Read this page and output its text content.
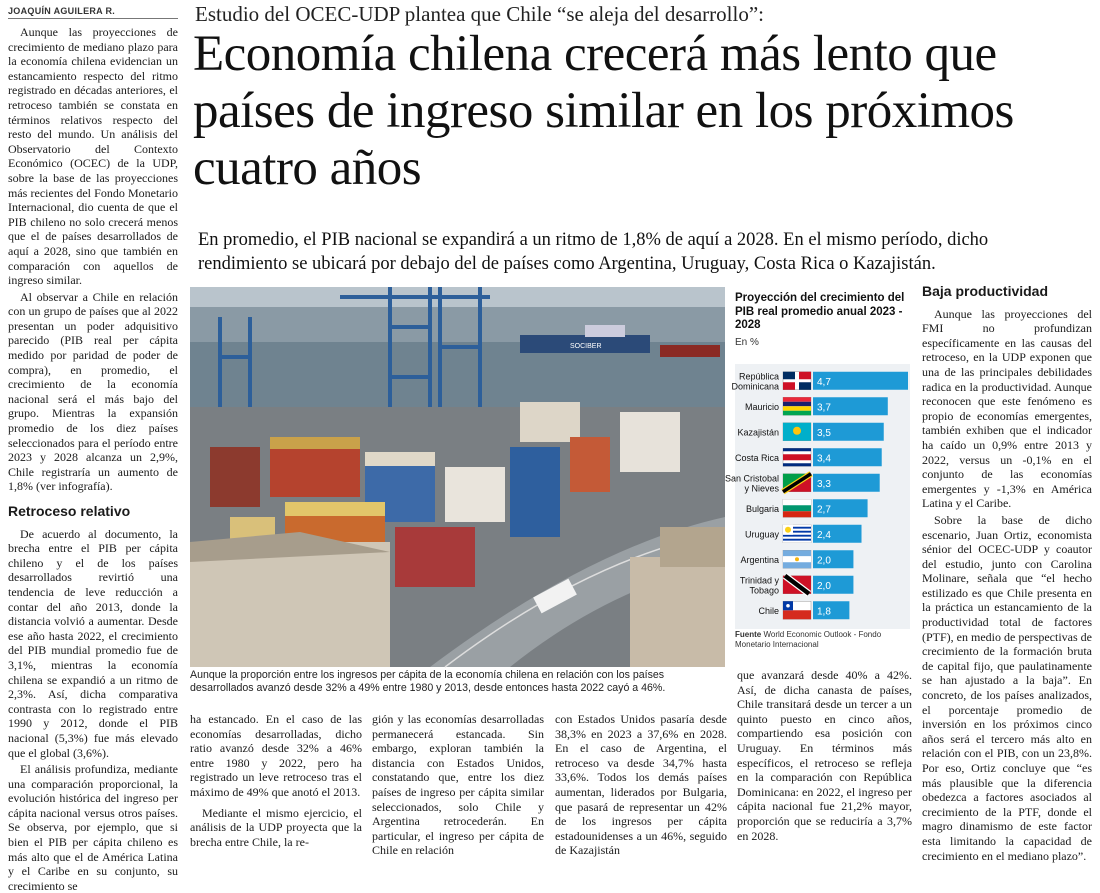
JOAQUÍN AGUILERA R.	Estudio del OCEC-UDP plantea que Chile “se aleja del desarrollo”:
Economía chilena crecerá más lento que países de ingreso similar en los próximos cuatro años
En promedio, el PIB nacional se expandirá a un ritmo de 1,8% de aquí a 2028. En el mismo período, dicho rendimiento se ubicará por debajo del de países como Argentina, Uruguay, Costa Rica o Kazajistán.

Aunque las proyecciones de crecimiento de mediano plazo para la economía chilena evidencian un estancamiento respecto del ritmo registrado en décadas anteriores, el retroceso también se constata en términos relativos respecto del resto del mundo. Un análisis del Observatorio del Contexto Económico (OCEC) de la UDP, sobre la base de las proyecciones más recientes del Fondo Monetario Internacional, dio cuenta de que el PIB chileno no solo crecerá menos que el de países desarrollados de aquí a 2028, sino que también en comparación con aquellos de ingreso similar.

Al observar a Chile en relación con un grupo de países que al 2022 presentan un poder adquisitivo parecido (PIB real per cápita medido por paridad de poder de compra), en promedio, el crecimiento de la economía nacional será el más bajo del grupo. Mientras la expansión promedio de los diez países seleccionados para el período entre 2023 y 2028 alcanza un 2,9%, Chile registraría un aumento de 1,8% (ver infografía).

Retroceso relativo

De acuerdo al documento, la brecha entre el PIB per cápita chileno y el de los países desarrollados revirtió una tendencia de leve reducción a contar del año 2013, donde la distancia volvió a aumentar. Desde ese año hasta 2022, el crecimiento del PIB mundial promedio fue de 3,1%, mientras la economía chilena se expandió a un ritmo de 2,3%. Así, dicha comparativa contrasta con lo registrado entre 1990 y 2012, donde el PIB nacional (5,3%) fue más elevado que el global (3,6%).

El análisis profundiza, mediante una comparación proporcional, la evolución histórica del ingreso per cápita nacional versus otros países. Se observa, por ejemplo, que si bien el PIB per cápita chileno es más alto que el de América Latina y el Caribe en su conjunto, su crecimiento se

ha estancado. En el caso de las economías desarrolladas, dicho ratio avanzó desde 32% a 46% entre 1980 y 2022, pero ha registrado un leve retroceso tras el máximo de 49% que anotó el 2013.

Mediante el mismo ejercicio, el análisis de la UDP proyecta que la brecha entre Chile, la re-

gión y las economías desarrolladas permanecerá estancada. Sin embargo, exploran también la distancia con Estados Unidos, constatando que, entre los diez países de ingreso per cápita similar seleccionados, solo Chile y Argentina retrocederán. En particular, el ingreso per cápita de Chile en relación

con Estados Unidos pasaría desde 38,3% en 2023 a 37,6% en 2028. En el caso de Argentina, el retroceso va desde 34,7% hasta 33,6%. Todos los demás países aumentan, liderados por Bulgaria, que pasará de representar un 42% de los ingresos per cápita estadounidenses a un 46%, seguido de Kazajistán

que avanzará desde 40% a 42%. Así, de dicha canasta de países, Chile transitará desde un tercer a un quinto puesto en cinco años, compartiendo esa posición con Uruguay. En términos más específicos, el retroceso se refleja en la comparación con República Dominicana: en 2022, el ingreso per cápita nacional fue 21,2% mayor, proporción que se reduciría a 3,7% en 2028.

Baja productividad

Aunque las proyecciones del FMI no profundizan específicamente en las causas del retroceso, en la UDP exponen que una de las principales debilidades radica en la productividad. Aunque reconocen que este fenómeno es propio de economías emergentes, también exhiben que el indicador ha caído un 0,9% entre 2013 y 2022, versus un -0,1% en el conjunto de las economías emergentes y -1,3% en América Latina y el Caribe.

Sobre la base de dicho escenario, Juan Ortiz, economista sénior del OCEC-UDP y coautor del estudio, junto con Carolina Molinare, señala que “el hecho estilizado es que Chile presenta en la práctica un estancamiento de la productividad total de factores (PTF), en medio de perspectivas de crecimiento de la formación bruta de capital fijo, que paulatinamente se han ajustado a la baja”. En concreto, de los países analizados, el porcentaje promedio de inversión en los próximos cinco años será el tercero más alto en relación con el PIB, con un 23,8%. Por eso, Ortiz concluye que “es más plausible que la diferencia obedezca a factores asociados al crecimiento de la PTF, donde el magro dinamismo de este factor esta limitando la capacidad de crecimiento en el mediano plazo”.

SOCIBER
Aunque la proporción entre los ingresos per cápita de la economía chilena en relación con los países desarrollados avanzó desde 32% a 49% entre 1980 y 2013, desde entonces hasta 2022 cayó a 46%.
Proyección del crecimiento del PIB real promedio anual 2023 - 2028
En %
República Dominicana	4,7
Mauricio	3,7
Kazajistán	3,5
Costa Rica	3,4
San Cristobal y Nieves	3,3
Bulgaria	2,7
Uruguay	2,4
Argentina	2,0
Trinidad y Tobago	2,0
Chile	1,8
Fuente World Economic Outlook - Fondo Monetario Internacional
